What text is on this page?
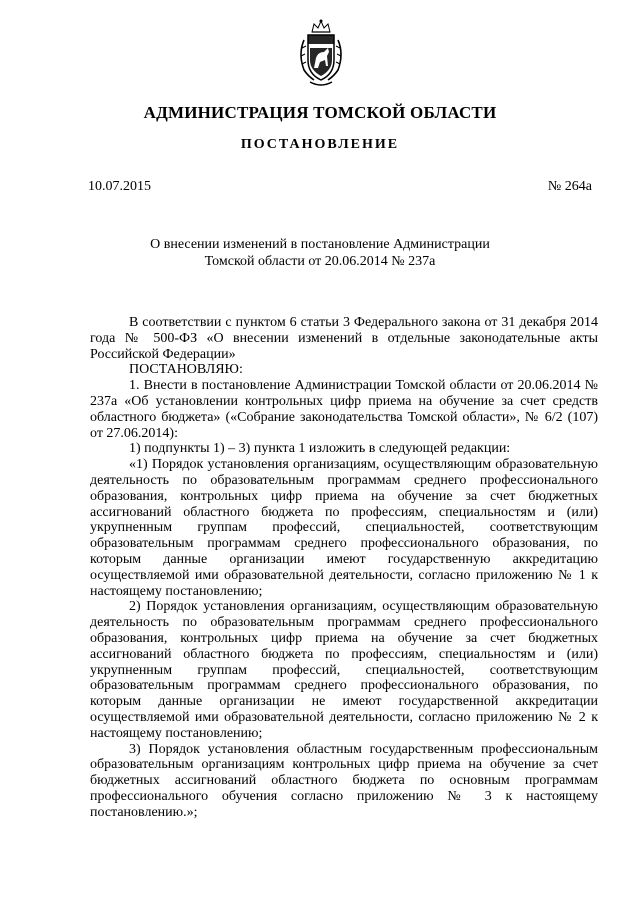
АДМИНИСТРАЦИЯ ТОМСКОЙ ОБЛАСТИ
ПОСТАНОВЛЕНИЕ
10.07.2015	№ 264а
О внесении изменений в постановление Администрации
Томской области от 20.06.2014 № 237а

В соответствии с пунктом 6 статьи 3 Федерального закона от 31 декабря 2014 года № 500-ФЗ «О внесении изменений в отдельные законодательные акты Российской Федерации»

ПОСТАНОВЛЯЮ:

1. Внести в постановление Администрации Томской области от 20.06.2014 № 237а «Об установлении контрольных цифр приема на обучение за счет средств областного бюджета» («Собрание законодательства Томской области», № 6/2 (107) от 27.06.2014):

1) подпункты 1) – 3) пункта 1 изложить в следующей редакции:

«1) Порядок установления организациям, осуществляющим образовательную деятельность по образовательным программам среднего профессионального образования, контрольных цифр приема на обучение за счет бюджетных ассигнований областного бюджета по профессиям, специальностям и (или) укрупненным группам профессий, специальностей, соответствующим образовательным программам среднего профессионального образования, по которым данные организации имеют государственную аккредитацию осуществляемой ими образовательной деятельности, согласно приложению № 1 к настоящему постановлению;

2) Порядок установления организациям, осуществляющим образовательную деятельность по образовательным программам среднего профессионального образования, контрольных цифр приема на обучение за счет бюджетных ассигнований областного бюджета по профессиям, специальностям и (или) укрупненным группам профессий, специальностей, соответствующим образовательным программам среднего профессионального образования, по которым данные организации не имеют государственной аккредитации осуществляемой ими образовательной деятельности, согласно приложению № 2 к настоящему постановлению;

3) Порядок установления областным государственным профессиональным образовательным организациям контрольных цифр приема на обучение за счет бюджетных ассигнований областного бюджета по основным программам профессионального обучения согласно приложению № 3 к настоящему постановлению.»;
